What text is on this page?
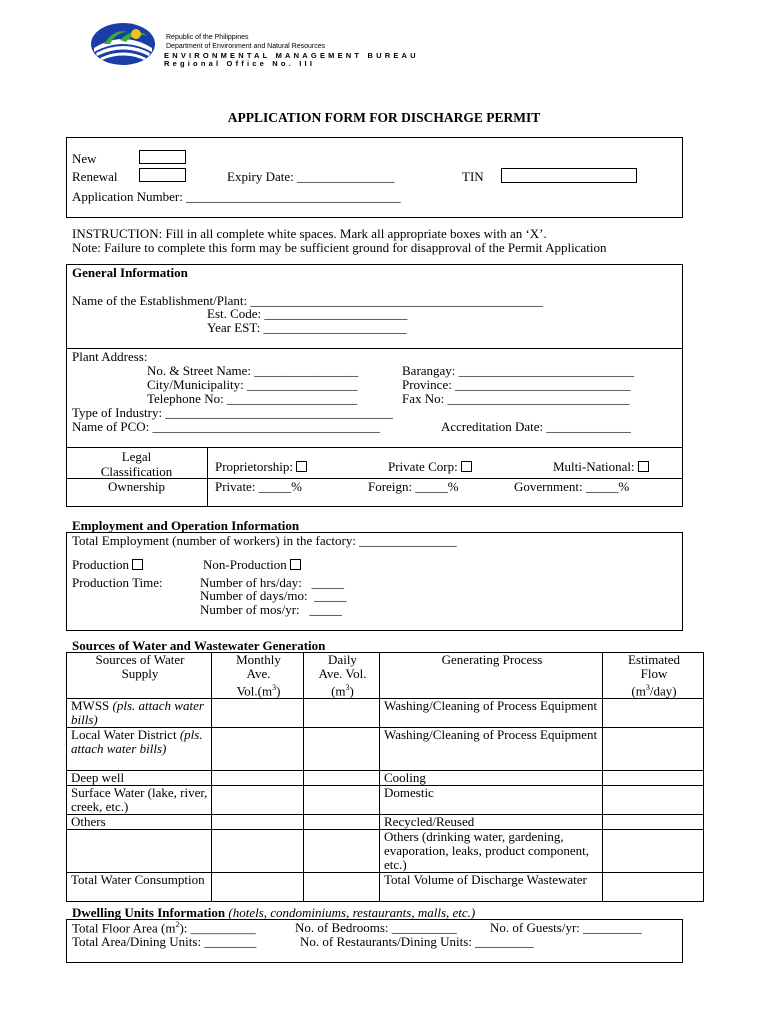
Republic of the Philippines
Department of Environment and Natural Resources
ENVIRONMENTAL MANAGEMENT BUREAU
Regional Office No. III
APPLICATION FORM FOR DISCHARGE PERMIT
New
Renewal	Expiry Date: _______________	TIN
Application Number: _________________________________
INSTRUCTION: Fill in all complete white spaces. Mark all appropriate boxes with an ‘X’.
Note: Failure to complete this form may be sufficient ground for disapproval of the Permit Application
General Information
Name of the Establishment/Plant: _____________________________________________
Est. Code: ______________________
Year EST: ______________________
Plant Address:
No. & Street Name: ________________	Barangay: ___________________________
City/Municipality: _________________	Province: ___________________________
Telephone No: ____________________	Fax No: ____________________________
Type of Industry: ___________________________________
Name of PCO: ___________________________________	Accreditation Date: _____________
Legal
Classification	Proprietorship:	Private Corp:	Multi-National:
Ownership	Private: _____%	Foreign: _____%	Government: _____%
Employment and Operation Information
Total Employment (number of workers) in the factory: _______________
Production	Non-Production
Production Time:	Number of hrs/day:   _____
Number of days/mo:  _____
Number of mos/yr:   _____
Sources of Water and Wastewater Generation
Sources of Water
Supply	Monthly
Ave.
$Vol.(m^3)$	Daily
Ave. Vol.
$(m^3)$	Generating Process	Estimated
Flow
$(m^3/day)$
MWSS (pls. attach water bills)			Washing/Cleaning of Process Equipment	
Local Water District (pls. attach water bills)			Washing/Cleaning of Process Equipment	
Deep well			Cooling	
Surface Water (lake, river, creek, etc.)			Domestic	
Others			Recycled/Reused	
			Others (drinking water, gardening, evaporation, leaks, product component, etc.)	
Total Water Consumption			Total Volume of Discharge Wastewater	
Dwelling Units Information (hotels, condominiums, restaurants, malls, etc.)
Total Floor Area $(m^2)$: __________	No. of Bedrooms: __________	No. of Guests/yr: _________
Total Area/Dining Units: ________	No. of Restaurants/Dining Units: _________
